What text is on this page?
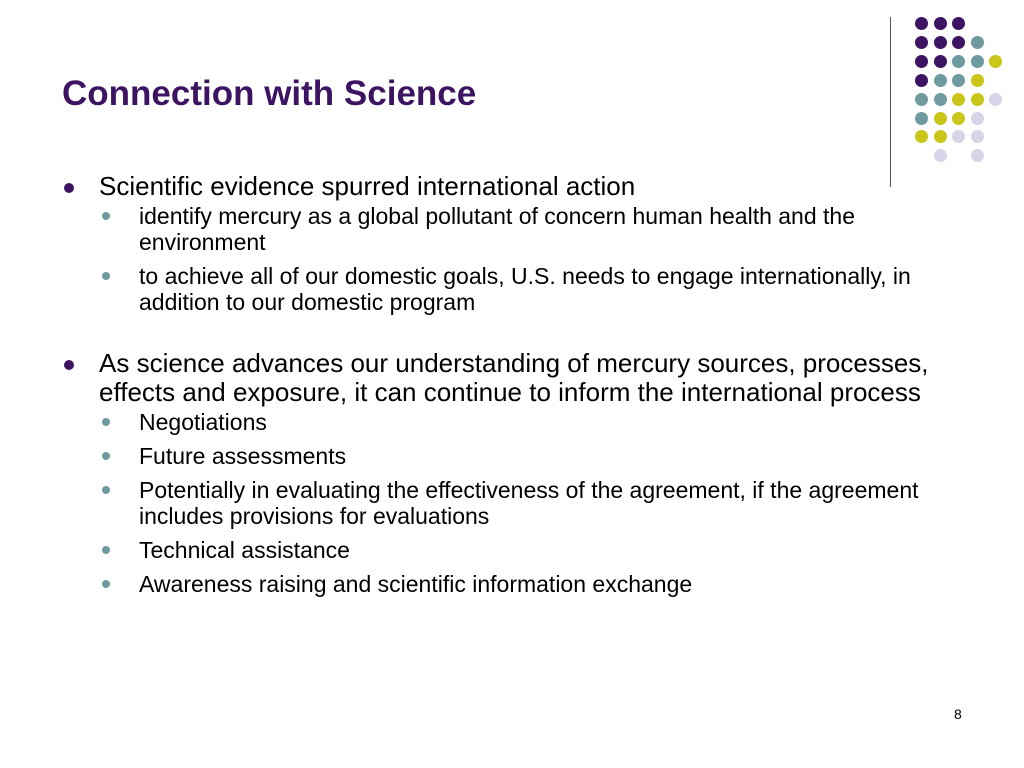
Connection with Science
Scientific evidence spurred international action
identify mercury as a global pollutant of concern human health and the environment
to achieve all of our domestic goals, U.S. needs to engage internationally, in addition to our domestic program
As science advances our understanding of mercury sources, processes, effects and exposure, it can continue to inform the international process
Negotiations
Future assessments
Potentially in evaluating the effectiveness of the agreement, if the agreement includes provisions for evaluations
Technical assistance
Awareness raising and scientific information exchange
8
